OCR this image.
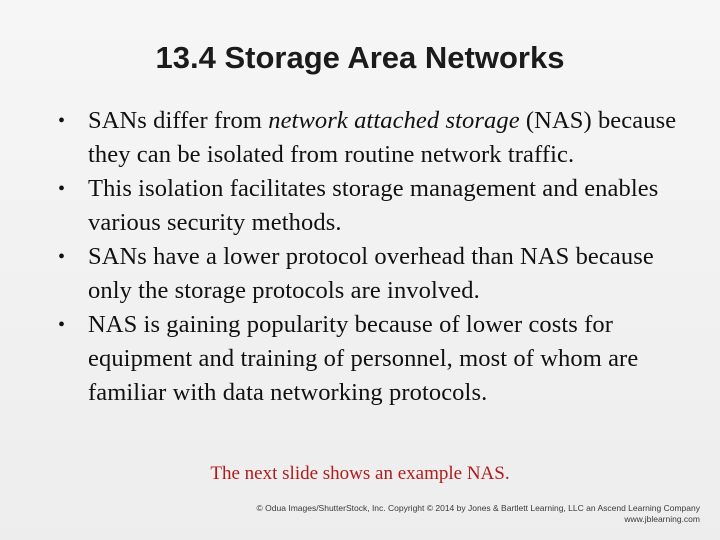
13.4 Storage Area Networks
• SANs differ from network attached storage (NAS) because they can be isolated from routine network traffic.
• This isolation facilitates storage management and enables various security methods.
• SANs have a lower protocol overhead than NAS because only the storage protocols are involved.
• NAS is gaining popularity because of lower costs for equipment and training of personnel, most of whom are familiar with data networking protocols.
The next slide shows an example NAS.
© Odua Images/ShutterStock, Inc. Copyright © 2014 by Jones & Bartlett Learning, LLC an Ascend Learning Company
www.jblearning.com
